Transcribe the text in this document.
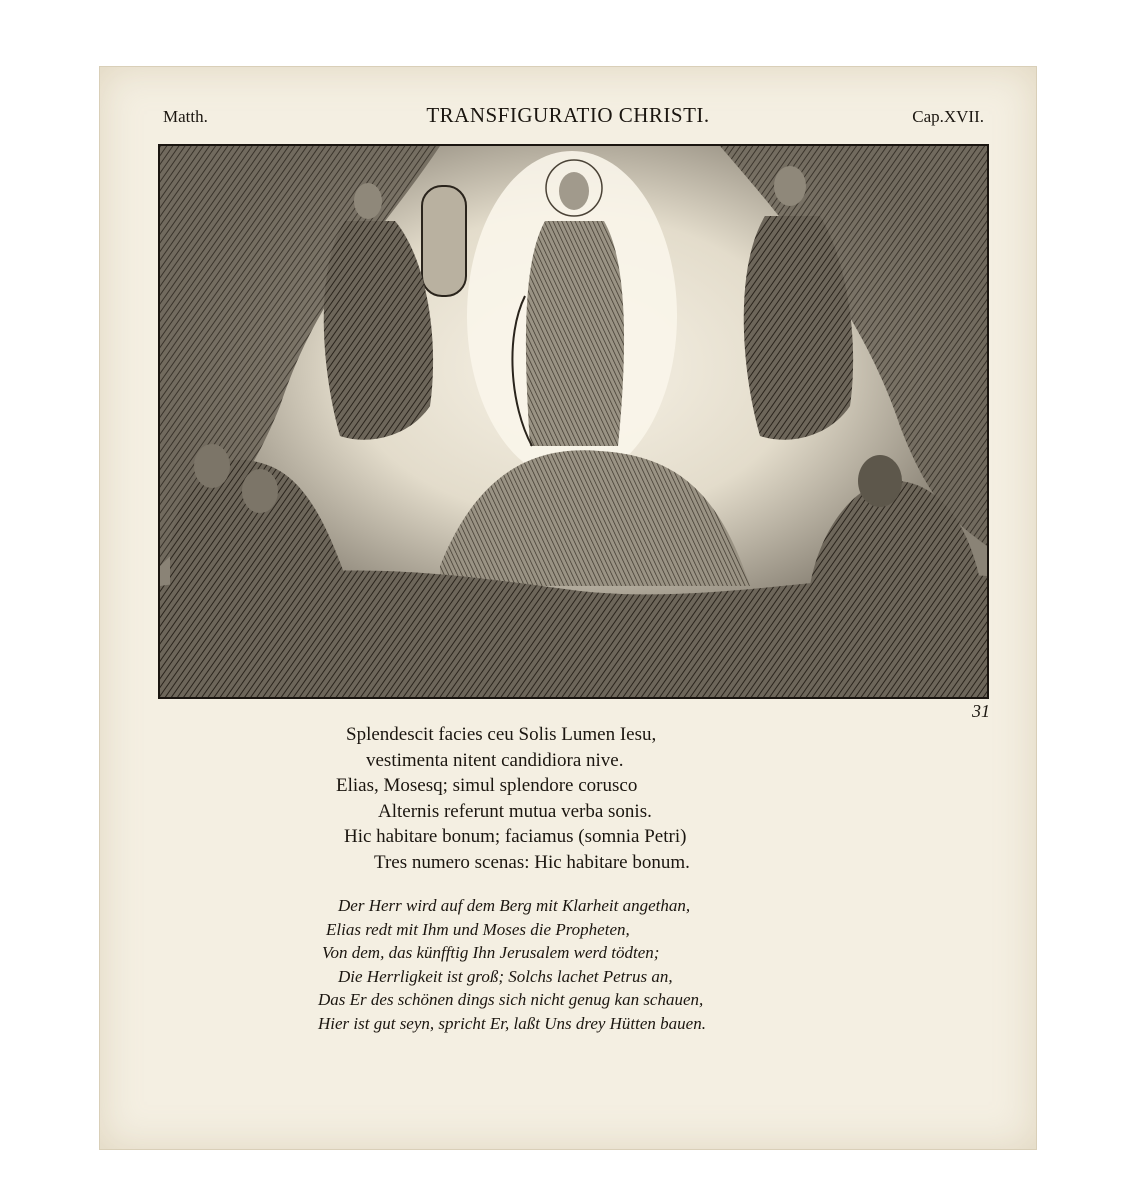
Matth.	TRANSFIGURATIO CHRISTI.	Cap.XVII.
31
Splendescit facies ceu Solis Lumen Iesu,
vestimenta nitent candidiora nive.
Elias, Mosesq; simul splendore corusco
Alternis referunt mutua verba sonis.
Hic habitare bonum; faciamus (somnia Petri)
Tres numero scenas: Hic habitare bonum.
Der Herr wird auf dem Berg mit Klarheit angethan,
Elias redt mit Ihm und Moses die Propheten,
Von dem, das künfftig Ihn Jerusalem werd tödten;
Die Herrligkeit ist groß; Solchs lachet Petrus an,
Das Er des schönen dings sich nicht genug kan schauen,
Hier ist gut seyn, spricht Er, laßt Uns drey Hütten bauen.
